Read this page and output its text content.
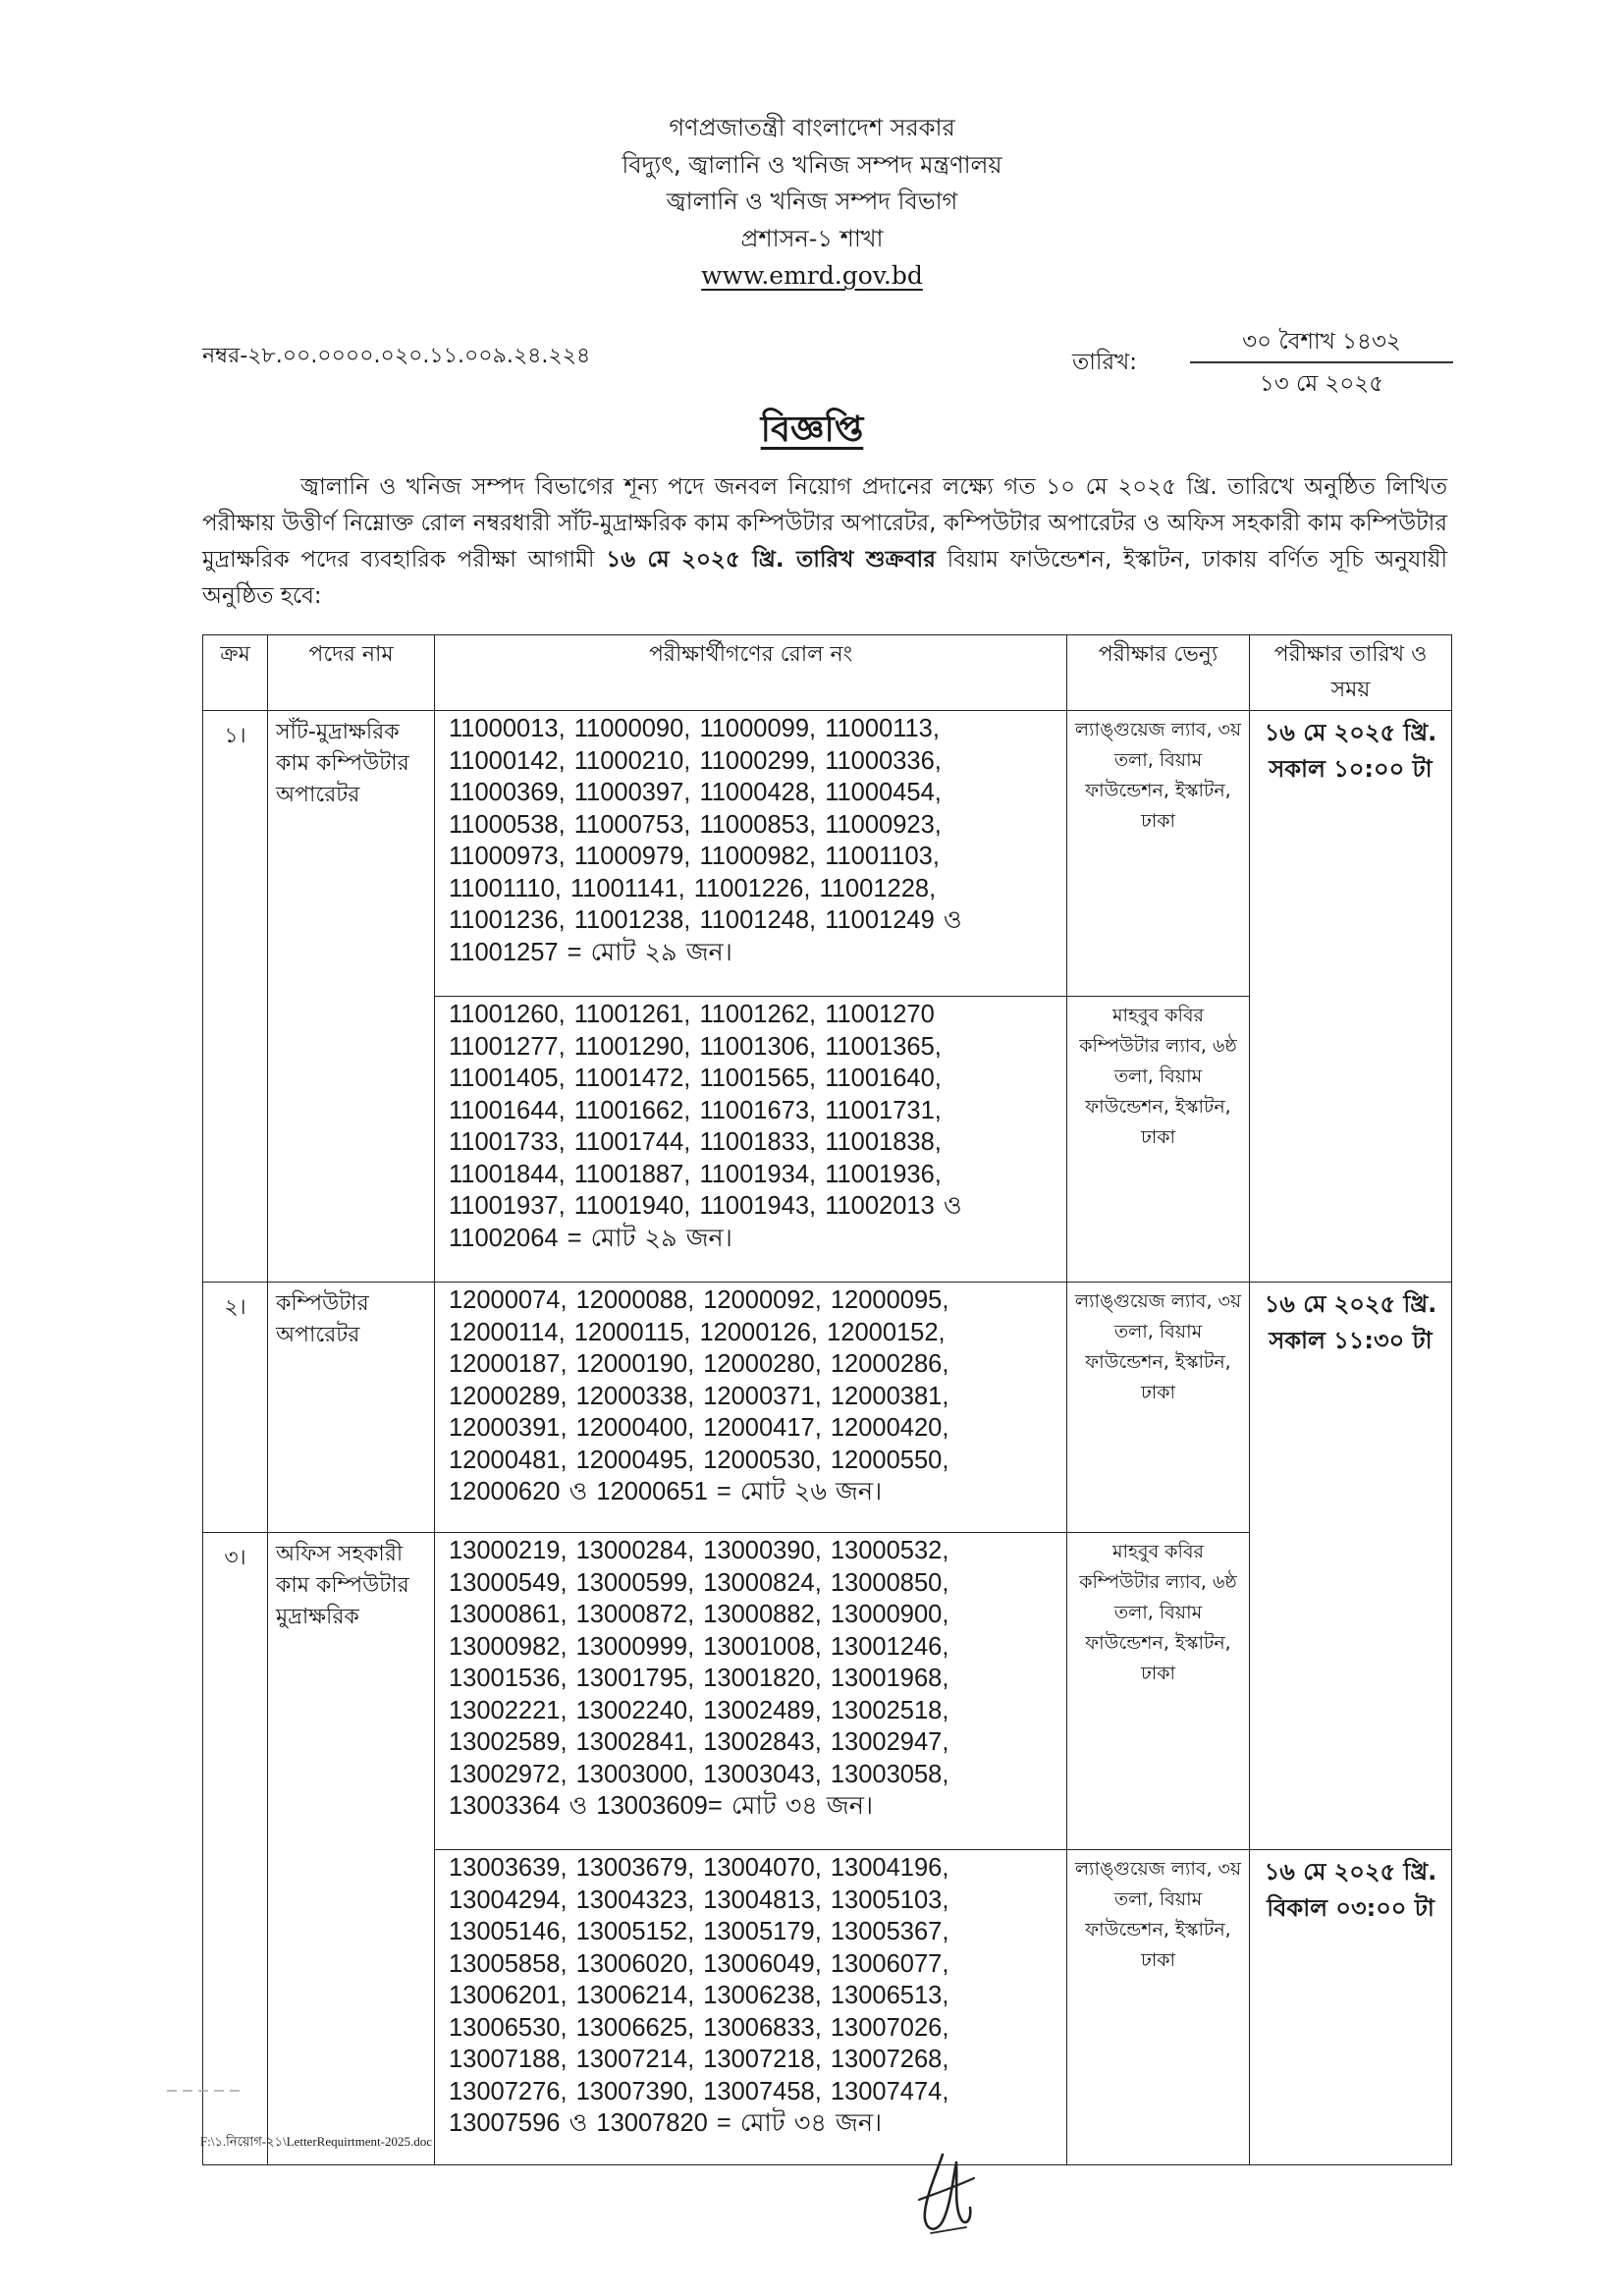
গণপ্রজাতন্ত্রী বাংলাদেশ সরকার
বিদ্যুৎ, জ্বালানি ও খনিজ সম্পদ মন্ত্রণালয়
জ্বালানি ও খনিজ সম্পদ বিভাগ
প্রশাসন-১ শাখা
www.emrd.gov.bd
নম্বর-২৮.০০.০০০০.০২০.১১.০০৯.২৪.২২৪	তারিখ:
৩০ বৈশাখ ১৪৩২
১৩ মে ২০২৫
বিজ্ঞপ্তি

জ্বালানি ও খনিজ সম্পদ বিভাগের শূন্য পদে জনবল নিয়োগ প্রদানের লক্ষ্যে গত ১০ মে ২০২৫ খ্রি. তারিখে অনুষ্ঠিত লিখিত পরীক্ষায় উত্তীর্ণ নিম্নোক্ত রোল নম্বরধারী সাঁট-মুদ্রাক্ষরিক কাম কম্পিউটার অপারেটর, কম্পিউটার অপারেটর ও অফিস সহকারী কাম কম্পিউটার মুদ্রাক্ষরিক পদের ব্যবহারিক পরীক্ষা আগামী ১৬ মে ২০২৫ খ্রি. তারিখ শুক্রবার বিয়াম ফাউন্ডেশন, ইস্কাটন, ঢাকায় বর্ণিত সূচি অনুযায়ী অনুষ্ঠিত হবে:

ক্রম	পদের নাম	পরীক্ষার্থীগণের রোল নং	পরীক্ষার ভেন্যু	পরীক্ষার তারিখ ও সময়
১।	সাঁট-মুদ্রাক্ষরিক কাম কম্পিউটার অপারেটর	11000013, 11000090, 11000099, 11000113, 11000142, 11000210, 11000299, 11000336, 11000369, 11000397, 11000428, 11000454, 11000538, 11000753, 11000853, 11000923, 11000973, 11000979, 11000982, 11001103, 11001110, 11001141, 11001226, 11001228, 11001236, 11001238, 11001248, 11001249 ও 11001257 = মোট ২৯ জন।	ল্যাঙ্গুয়েজ ল্যাব, ৩য় তলা, বিয়াম ফাউন্ডেশন, ইস্কাটন, ঢাকা	১৬ মে ২০২৫ খ্রি. সকাল ১০:০০ টা
		11001260, 11001261, 11001262, 11001270 11001277, 11001290, 11001306, 11001365, 11001405, 11001472, 11001565, 11001640, 11001644, 11001662, 11001673, 11001731, 11001733, 11001744, 11001833, 11001838, 11001844, 11001887, 11001934, 11001936, 11001937, 11001940, 11001943, 11002013 ও 11002064 = মোট ২৯ জন।	মাহবুব কবির কম্পিউটার ল্যাব, ৬ষ্ঠ তলা, বিয়াম ফাউন্ডেশন, ইস্কাটন, ঢাকা	
২।	কম্পিউটার অপারেটর	12000074, 12000088, 12000092, 12000095, 12000114, 12000115, 12000126, 12000152, 12000187, 12000190, 12000280, 12000286, 12000289, 12000338, 12000371, 12000381, 12000391, 12000400, 12000417, 12000420, 12000481, 12000495, 12000530, 12000550, 12000620 ও 12000651 = মোট ২৬ জন।	ল্যাঙ্গুয়েজ ল্যাব, ৩য় তলা, বিয়াম ফাউন্ডেশন, ইস্কাটন, ঢাকা	১৬ মে ২০২৫ খ্রি. সকাল ১১:৩০ টা
৩।	অফিস সহকারী কাম কম্পিউটার মুদ্রাক্ষরিক	13000219, 13000284, 13000390, 13000532, 13000549, 13000599, 13000824, 13000850, 13000861, 13000872, 13000882, 13000900, 13000982, 13000999, 13001008, 13001246, 13001536, 13001795, 13001820, 13001968, 13002221, 13002240, 13002489, 13002518, 13002589, 13002841, 13002843, 13002947, 13002972, 13003000, 13003043, 13003058, 13003364 ও 13003609= মোট ৩৪ জন।	মাহবুব কবির কম্পিউটার ল্যাব, ৬ষ্ঠ তলা, বিয়াম ফাউন্ডেশন, ইস্কাটন, ঢাকা	
		13003639, 13003679, 13004070, 13004196, 13004294, 13004323, 13004813, 13005103, 13005146, 13005152, 13005179, 13005367, 13005858, 13006020, 13006049, 13006077, 13006201, 13006214, 13006238, 13006513, 13006530, 13006625, 13006833, 13007026, 13007188, 13007214, 13007218, 13007268, 13007276, 13007390, 13007458, 13007474, 13007596 ও 13007820 = মোট ৩৪ জন।	ল্যাঙ্গুয়েজ ল্যাব, ৩য় তলা, বিয়াম ফাউন্ডেশন, ইস্কাটন, ঢাকা	১৬ মে ২০২৫ খ্রি. বিকাল ০৩:০০ টা
F:\১.নিয়োগ-২১\LetterRequirtment-2025.doc
